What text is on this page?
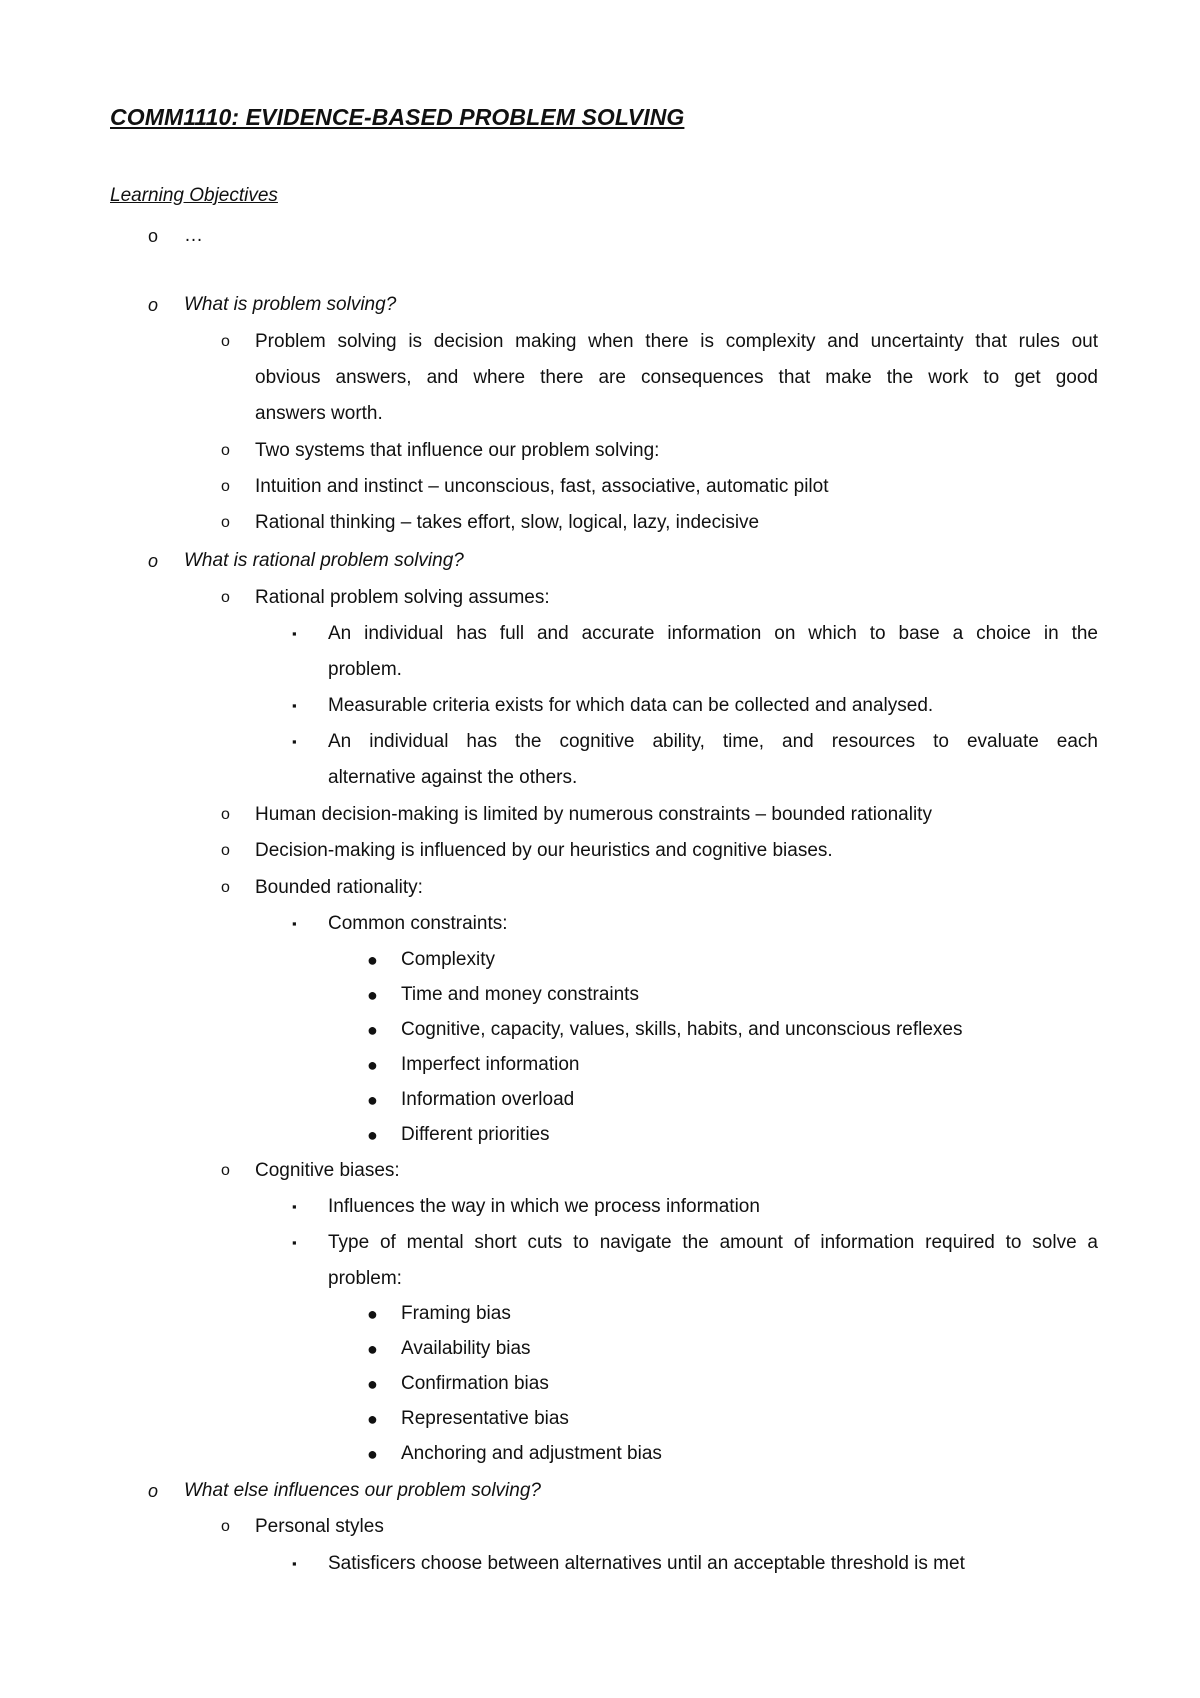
COMM1110: EVIDENCE-BASED PROBLEM SOLVING
Learning Objectives
o …
o What is problem solving?
o Problem solving is decision making when there is complexity and uncertainty that rules out
obvious answers, and where there are consequences that make the work to get good
answers worth.
o Two systems that influence our problem solving:
o Intuition and instinct – unconscious, fast, associative, automatic pilot
o Rational thinking – takes effort, slow, logical, lazy, indecisive
o What is rational problem solving?
o Rational problem solving assumes:
▪ An individual has full and accurate information on which to base a choice in the
problem.
▪ Measurable criteria exists for which data can be collected and analysed.
▪ An individual has the cognitive ability, time, and resources to evaluate each
alternative against the others.
o Human decision-making is limited by numerous constraints – bounded rationality
o Decision-making is influenced by our heuristics and cognitive biases.
o Bounded rationality:
▪ Common constraints:
● Complexity
● Time and money constraints
● Cognitive, capacity, values, skills, habits, and unconscious reflexes
● Imperfect information
● Information overload
● Different priorities
o Cognitive biases:
▪ Influences the way in which we process information
▪ Type of mental short cuts to navigate the amount of information required to solve a
problem:
● Framing bias
● Availability bias
● Confirmation bias
● Representative bias
● Anchoring and adjustment bias
o What else influences our problem solving?
o Personal styles
▪ Satisficers choose between alternatives until an acceptable threshold is met
